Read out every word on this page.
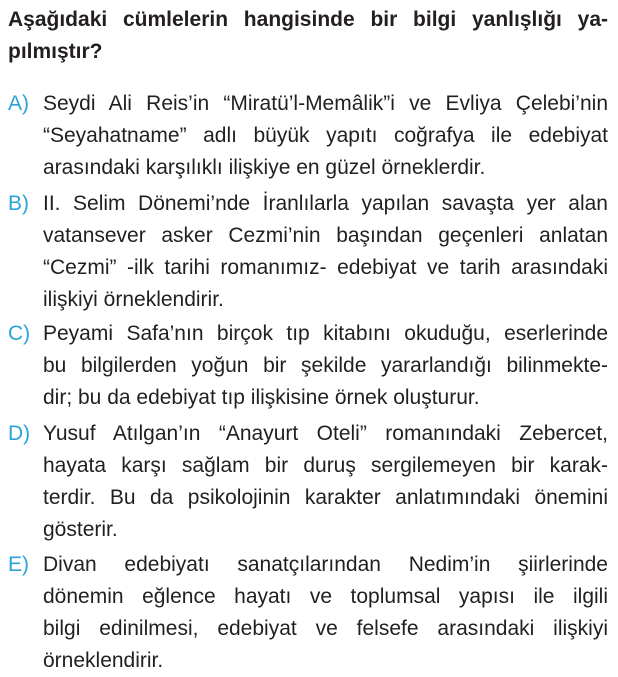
Aşağıdaki cümlelerin hangisinde bir bilgi yanlışlığı ya-
pılmıştır?
A) Seydi Ali Reis’in “Miratü’l-Memâlik”i ve Evliya Çelebi’nin
“Seyahatname” adlı büyük yapıtı coğrafya ile edebiyat
arasındaki karşılıklı ilişkiye en güzel örneklerdir.
B) II. Selim Dönemi’nde İranlılarla yapılan savaşta yer alan
vatansever asker Cezmi’nin başından geçenleri anlatan
“Cezmi” -ilk tarihi romanımız- edebiyat ve tarih arasındaki
ilişkiyi örneklendirir.
C) Peyami Safa’nın birçok tıp kitabını okuduğu, eserlerinde
bu bilgilerden yoğun bir şekilde yararlandığı bilinmekte-
dir; bu da edebiyat tıp ilişkisine örnek oluşturur.
D) Yusuf Atılgan’ın “Anayurt Oteli” romanındaki Zebercet,
hayata karşı sağlam bir duruş sergilemeyen bir karak-
terdir. Bu da psikolojinin karakter anlatımındaki önemini
gösterir.
E) Divan edebiyatı sanatçılarından Nedim’in şiirlerinde
dönemin eğlence hayatı ve toplumsal yapısı ile ilgili
bilgi edinilmesi, edebiyat ve felsefe arasındaki ilişkiyi
örneklendirir.
